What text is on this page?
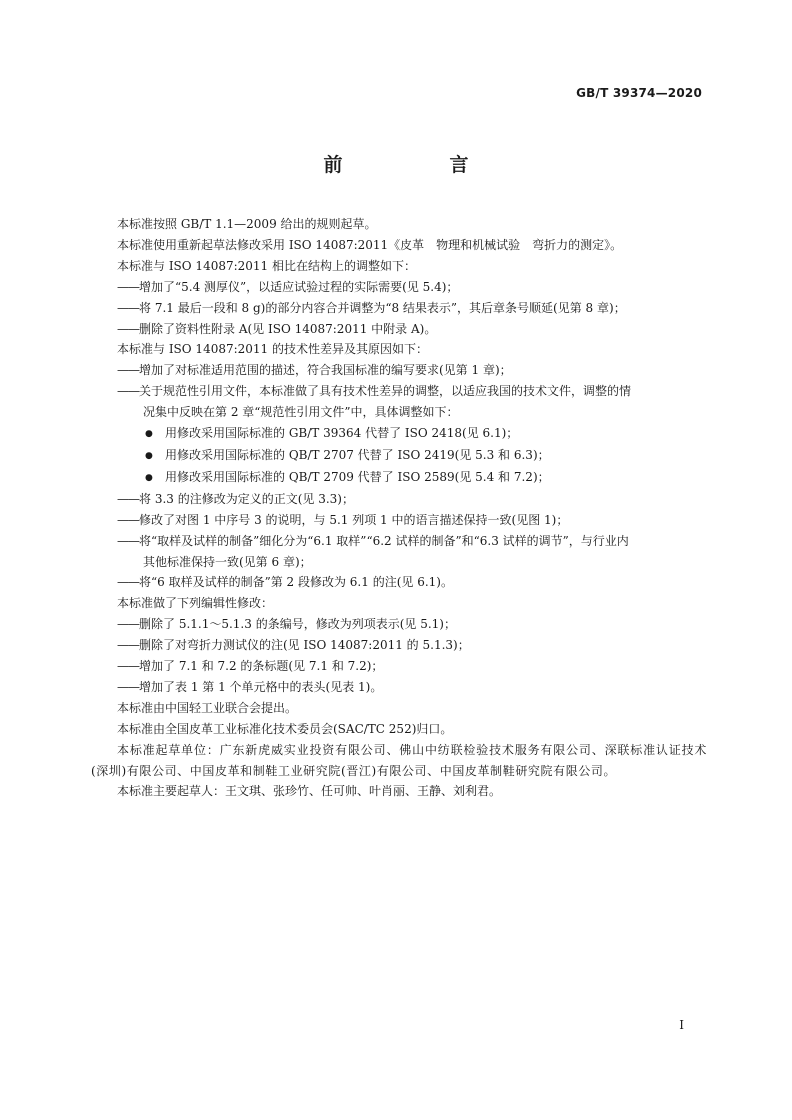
GB/T 39374—2020
前　言
本标准按照 GB/T 1.1—2009 给出的规则起草。
本标准使用重新起草法修改采用 ISO 14087:2011《皮革　物理和机械试验　弯折力的测定》。
本标准与 ISO 14087:2011 相比在结构上的调整如下：
——增加了“5.4 测厚仪”，以适应试验过程的实际需要(见 5.4)；
——将 7.1 最后一段和 8 g)的部分内容合并调整为“8 结果表示”，其后章条号顺延(见第 8 章)；
——删除了资料性附录 A(见 ISO 14087:2011 中附录 A)。
本标准与 ISO 14087:2011 的技术性差异及其原因如下：
——增加了对标准适用范围的描述，符合我国标准的编写要求(见第 1 章)；
——关于规范性引用文件，本标准做了具有技术性差异的调整，以适应我国的技术文件，调整的情
况集中反映在第 2 章“规范性引用文件”中，具体调整如下：
● 用修改采用国际标准的 GB/T 39364 代替了 ISO 2418(见 6.1)；
● 用修改采用国际标准的 QB/T 2707 代替了 ISO 2419(见 5.3 和 6.3)；
● 用修改采用国际标准的 QB/T 2709 代替了 ISO 2589(见 5.4 和 7.2)；
——将 3.3 的注修改为定义的正文(见 3.3)；
——修改了对图 1 中序号 3 的说明，与 5.1 列项 1 中的语言描述保持一致(见图 1)；
——将“取样及试样的制备”细化分为“6.1 取样”“6.2 试样的制备”和“6.3 试样的调节”，与行业内
其他标准保持一致(见第 6 章)；
——将“6 取样及试样的制备”第 2 段修改为 6.1 的注(见 6.1)。
本标准做了下列编辑性修改：
——删除了 5.1.1～5.1.3 的条编号，修改为列项表示(见 5.1)；
——删除了对弯折力测试仪的注(见 ISO 14087:2011 的 5.1.3)；
——增加了 7.1 和 7.2 的条标题(见 7.1 和 7.2)；
——增加了表 1 第 1 个单元格中的表头(见表 1)。
本标准由中国轻工业联合会提出。
本标准由全国皮革工业标准化技术委员会(SAC/TC 252)归口。
本标准起草单位：广东新虎威实业投资有限公司、佛山中纺联检验技术服务有限公司、深联标准认证技术(深圳)有限公司、中国皮革和制鞋工业研究院(晋江)有限公司、中国皮革制鞋研究院有限公司。
本标准主要起草人：王文琪、张珍竹、任可帅、叶肖丽、王静、刘利君。
I
